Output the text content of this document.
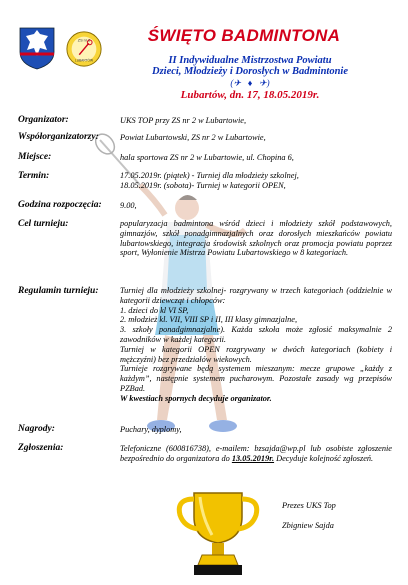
ZS nr 2
LUBARTÓW
ŚWIĘTO BADMINTONA
II Indywidualne Mistrzostwa Powiatu
Dzieci, Młodzieży i Dorosłych w Badmintonie
(✈ ♦ ✈)
Lubartów, dn. 17, 18.05.2019r.
Organizator:	UKS TOP przy ZS nr 2 w Lubartowie,
Współorganizatorzy:	Powiat Lubartowski, ZS nr 2 w Lubartowie,
Miejsce:	hala sportowa ZS nr 2 w Lubartowie, ul. Chopina 6,
Termin:	17.05.2019r. (piątek) - Turniej dla młodzieży szkolnej,
18.05.2019r. (sobota)- Turniej w kategorii OPEN,
Godzina rozpoczęcia:	9.00,
Cel turnieju:	popularyzacja badmintona wśród dzieci i młodzieży szkół podstawowych, gimnazjów, szkół ponadgimnazjalnych oraz dorosłych mieszkańców powiatu lubartowskiego, integracja środowisk szkolnych oraz promocja powiatu poprzez sport, Wyłonienie Mistrza Powiatu Lubartowskiego w 8 kategoriach.
Regulamin turnieju:	Turniej dla młodzieży szkolnej- rozgrywany w trzech kategoriach (oddzielnie w kategorii dziewcząt i chłopców:
1. dzieci do kl VI SP,
2. młodzież kl. VII, VIII SP i II, III klasy gimnazjalne,
3. szkoły ponadgimnazjalne). Każda szkoła może zgłosić maksymalnie 2 zawodników w każdej kategorii.
Turniej w kategorii OPEN rozgrywany w dwóch kategoriach (kobiety i mężczyźni) bez przedziałów wiekowych.
Turnieje rozgrywane będą systemem mieszanym: mecze grupowe „każdy z każdym”, następnie systemem pucharowym. Pozostałe zasady wg przepisów PZBad.
W kwestiach spornych decyduje organizator.
Nagrody:	Puchary, dyplomy,
Zgłoszenia:	Telefoniczne (600816738), e-mailem: bzsajda@wp.pl lub osobiste zgłoszenie bezpośrednio do organizatora do 13.05.2019r. Decyduje kolejność zgłoszeń.
Prezes UKS Top
Zbigniew Sajda
